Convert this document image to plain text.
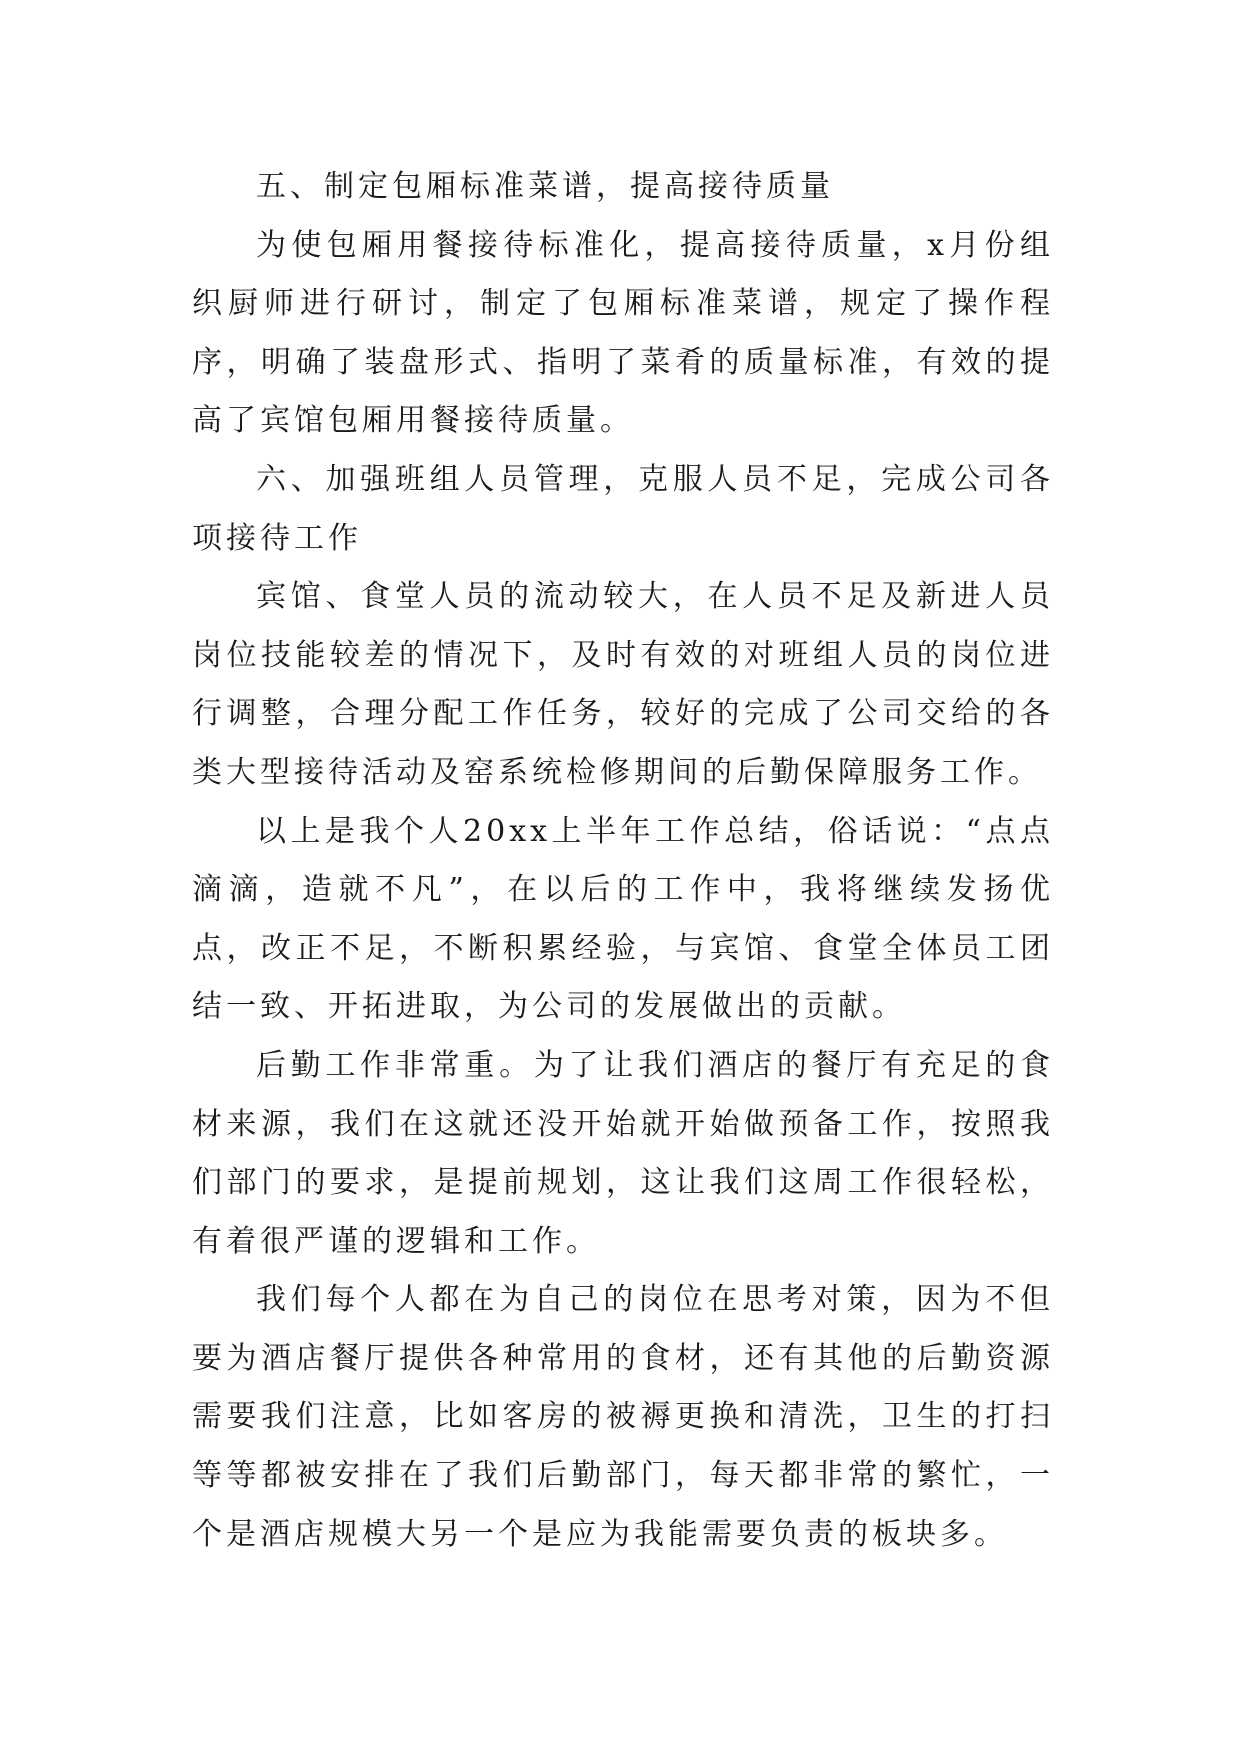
五、制定包厢标准菜谱，提高接待质量

为使包厢用餐接待标准化，提高接待质量，x月份组织厨师进行研讨，制定了包厢标准菜谱，规定了操作程序，明确了装盘形式、指明了菜肴的质量标准，有效的提高了宾馆包厢用餐接待质量。

六、加强班组人员管理，克服人员不足，完成公司各项接待工作

宾馆、食堂人员的流动较大，在人员不足及新进人员岗位技能较差的情况下，及时有效的对班组人员的岗位进行调整，合理分配工作任务，较好的完成了公司交给的各类大型接待活动及窑系统检修期间的后勤保障服务工作。

以上是我个人20xx上半年工作总结，俗话说：“点点滴滴，造就不凡”，在以后的工作中，我将继续发扬优点，改正不足，不断积累经验，与宾馆、食堂全体员工团结一致、开拓进取，为公司的发展做出的贡献。

后勤工作非常重。为了让我们酒店的餐厅有充足的食材来源，我们在这就还没开始就开始做预备工作，按照我们部门的要求，是提前规划，这让我们这周工作很轻松，有着很严谨的逻辑和工作。

我们每个人都在为自己的岗位在思考对策，因为不但要为酒店餐厅提供各种常用的食材，还有其他的后勤资源需要我们注意，比如客房的被褥更换和清洗，卫生的打扫等等都被安排在了我们后勤部门，每天都非常的繁忙，一个是酒店规模大另一个是应为我能需要负责的板块多。
